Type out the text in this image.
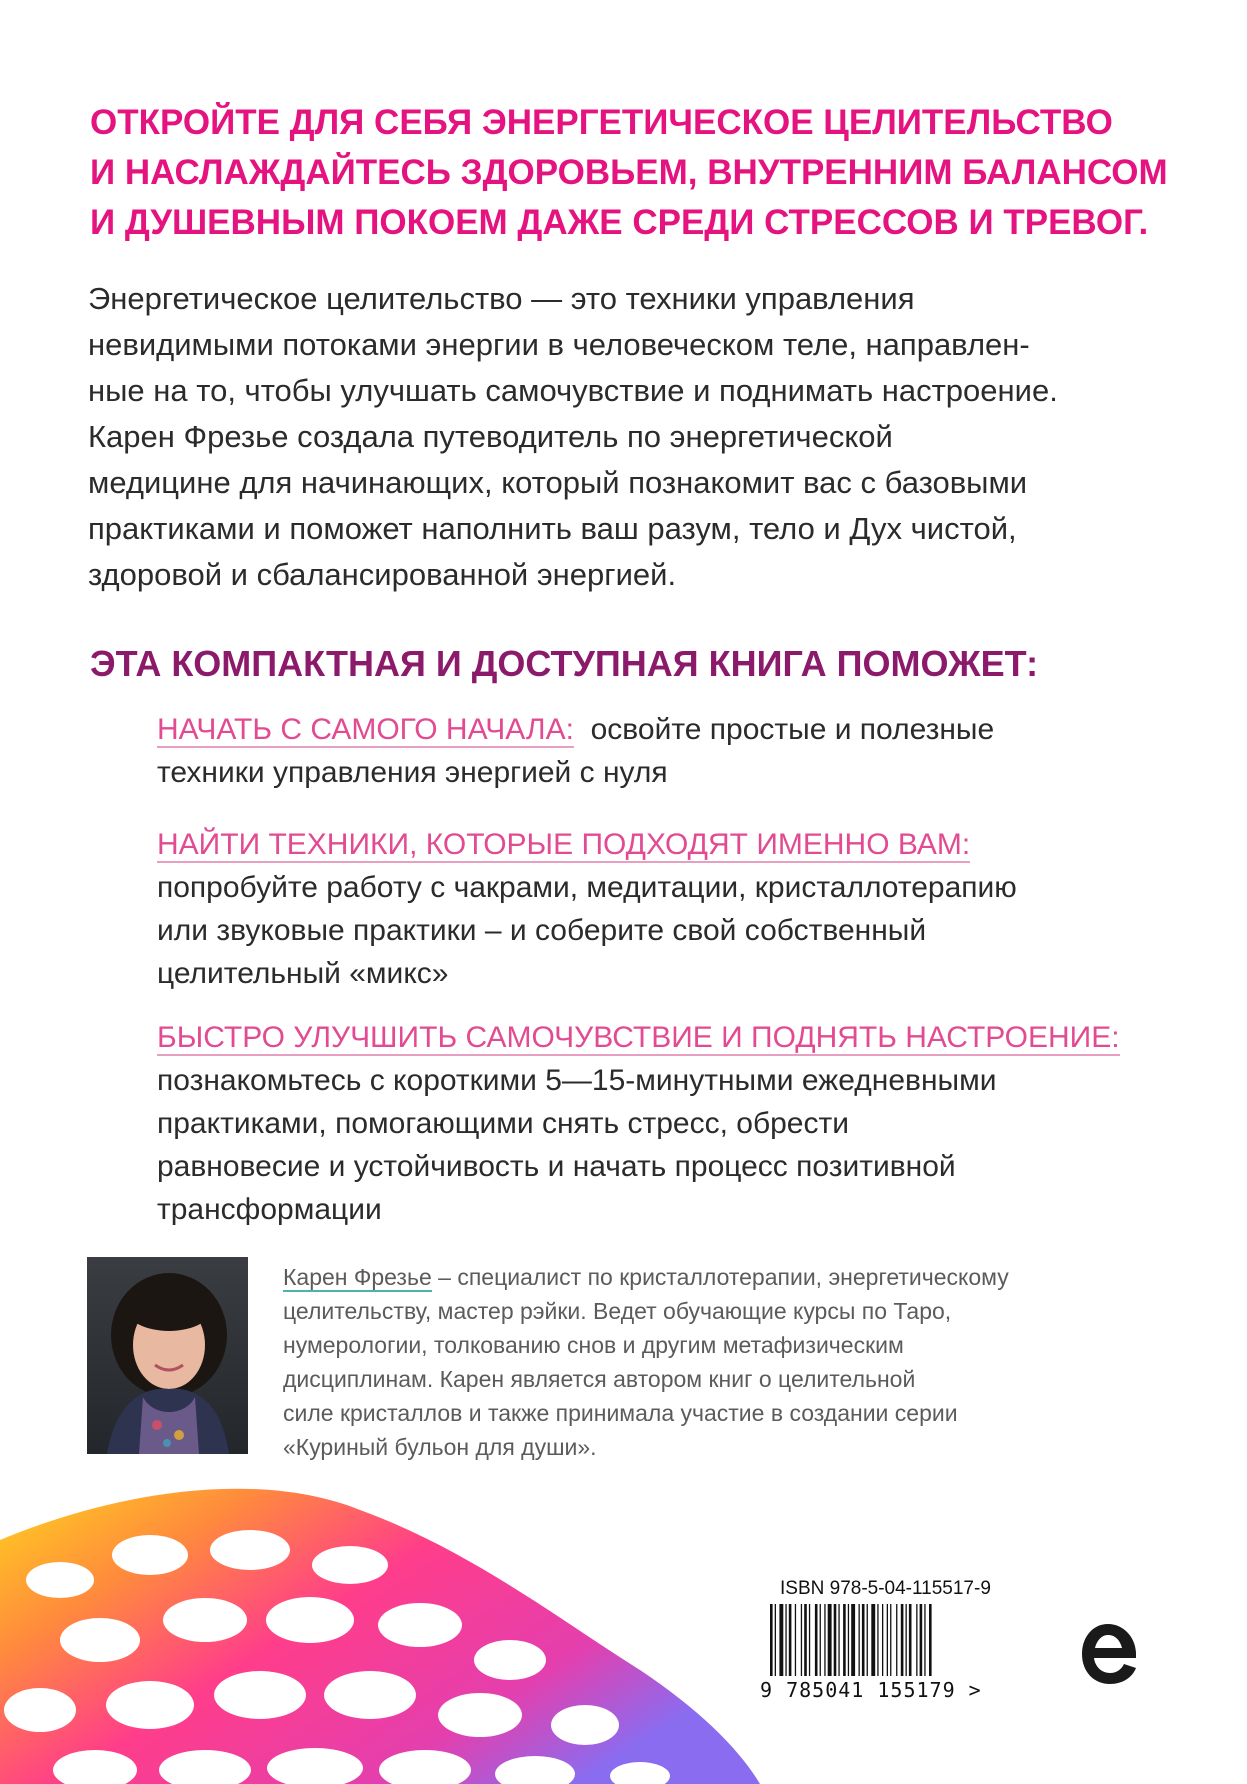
ОТКРОЙТЕ ДЛЯ СЕБЯ ЭНЕРГЕТИЧЕСКОЕ ЦЕЛИТЕЛЬСТВО
И НАСЛАЖДАЙТЕСЬ ЗДОРОВЬЕМ, ВНУТРЕННИМ БАЛАНСОМ
И ДУШЕВНЫМ ПОКОЕМ ДАЖЕ СРЕДИ СТРЕССОВ И ТРЕВОГ.

Энергетическое целительство — это техники управления
невидимыми потоками энергии в человеческом теле, направлен-
ные на то, чтобы улучшать самочувствие и поднимать настроение.
Карен Фрезье создала путеводитель по энергетической
медицине для начинающих, который познакомит вас с базовыми
практиками и поможет наполнить ваш разум, тело и Дух чистой,
здоровой и сбалансированной энергией.

ЭТА КОМПАКТНАЯ И ДОСТУПНАЯ КНИГА ПОМОЖЕТ:
НАЧАТЬ С САМОГО НАЧАЛА: освойте простые и полезные
техники управления энергией с нуля
НАЙТИ ТЕХНИКИ, КОТОРЫЕ ПОДХОДЯТ ИМЕННО ВАМ:
попробуйте работу с чакрами, медитации, кристаллотерапию
или звуковые практики – и соберите свой собственный
целительный «микс»
БЫСТРО УЛУЧШИТЬ САМОЧУВСТВИЕ И ПОДНЯТЬ НАСТРОЕНИЕ:
познакомьтесь с короткими 5—15-минутными ежедневными
практиками, помогающими снять стресс, обрести
равновесие и устойчивость и начать процесс позитивной
трансформации

Карен Фрезье – специалист по кристаллотерапии, энергетическому
целительству, мастер рэйки. Ведет обучающие курсы по Таро,
нумерологии, толкованию снов и другим метафизическим
дисциплинам. Карен является автором книг о целительной
силе кристаллов и также принимала участие в создании серии
«Куриный бульон для души».

ISBN 978-5-04-115517-9
9 785041 155179 >
